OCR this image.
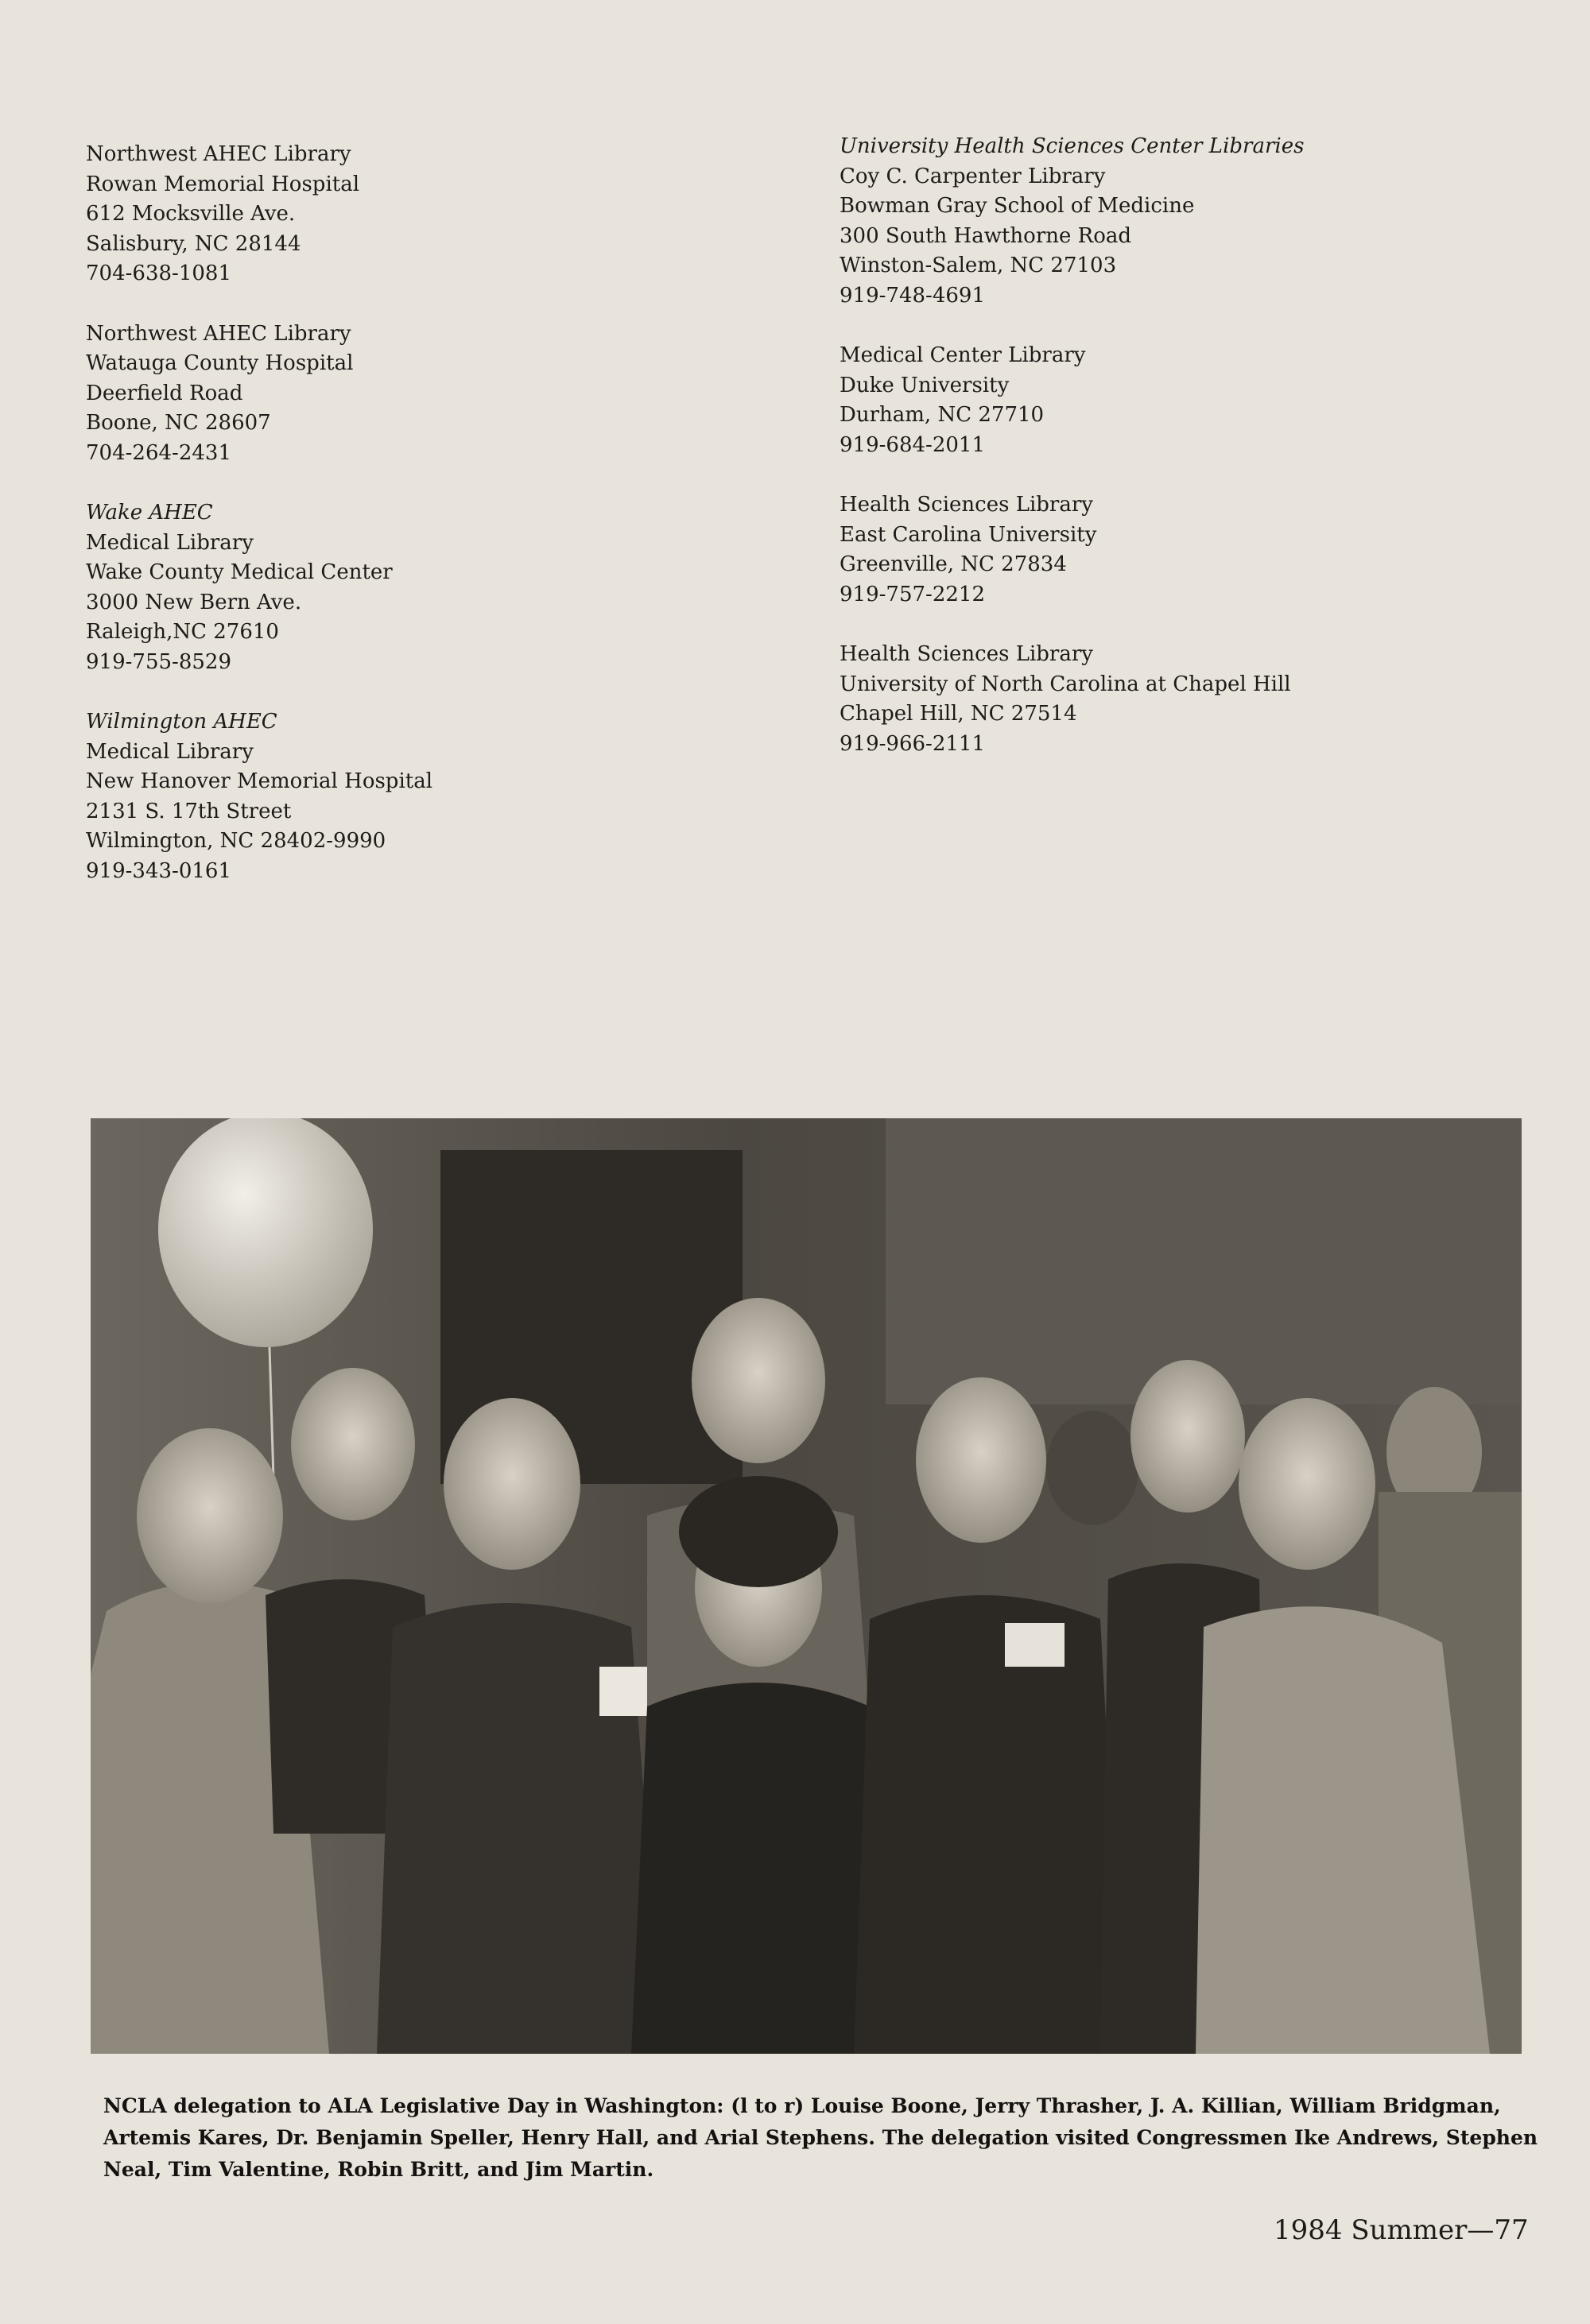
Northwest AHEC Library
Rowan Memorial Hospital
612 Mocksville Ave.
Salisbury, NC 28144
704-638-1081
Northwest AHEC Library
Watauga County Hospital
Deerfield Road
Boone, NC 28607
704-264-2431
Wake AHEC
Medical Library
Wake County Medical Center
3000 New Bern Ave.
Raleigh,NC 27610
919-755-8529
Wilmington AHEC
Medical Library
New Hanover Memorial Hospital
2131 S. 17th Street
Wilmington, NC 28402-9990
919-343-0161
University Health Sciences Center Libraries
Coy C. Carpenter Library
Bowman Gray School of Medicine
300 South Hawthorne Road
Winston-Salem, NC 27103
919-748-4691
Medical Center Library
Duke University
Durham, NC 27710
919-684-2011
Health Sciences Library
East Carolina University
Greenville, NC 27834
919-757-2212
Health Sciences Library
University of North Carolina at Chapel Hill
Chapel Hill, NC 27514
919-966-2111
NCLA delegation to ALA Legislative Day in Washington: (l to r) Louise Boone, Jerry Thrasher, J. A. Killian, William Bridgman,
Artemis Kares, Dr. Benjamin Speller, Henry Hall, and Arial Stephens. The delegation visited Congressmen Ike Andrews, Stephen
Neal, Tim Valentine, Robin Britt, and Jim Martin.
1984 Summer—77
